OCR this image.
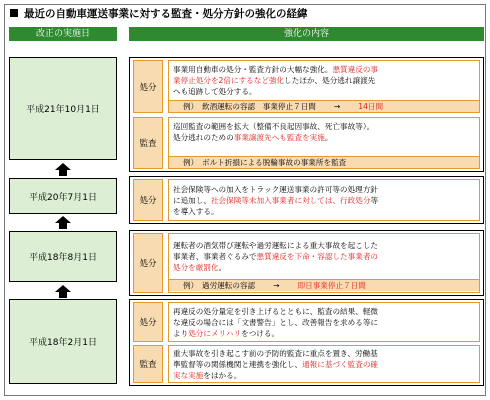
最近の自動車運送事業に対する監査・処分方針の強化の経緯
改正の実施日	強化の内容
平成21年10月1日
処分
事業用自動車の処分・監査方針の大幅な強化。悪質違反の事
業停止処分を2倍にするなど強化したほか、処分逃れ譲渡先
へも追跡して処分する。
例）　飲酒運転の容認　事業停止７日間 → 14日間
監査
巡回監査の範囲を拡大（整備不良起因事故、死亡事故等）。
処分逃れのための事業譲渡先へも監査を実施。
例）　ボルト折損による脱輪事故の事業所を監査
平成20年7月1日	処分
社会保険等への加入をトラック運送事業の許可等の処理方針
に追加し、社会保険等未加入事業者に対しては、行政処分等
を導入する。
平成18年8月1日
処分
運転者の酒気帯び運転や過労運転による重大事故を起こした
事業者、事業者ぐるみで悪質違反を下命・容認した事業者の
処分を厳罰化。
例）　過労運転の容認 → 即日事業停止７日間
平成18年2月1日
処分
再違反の処分量定を引き上げるとともに、監査の結果、軽微
な違反の場合には「文書警告」とし、改善報告を求める等に
より処分にメリハリをつける。
監査
重大事故を引き起こす前の予防的監査に重点を置き、労働基
準監督等の関係機関と連携を強化し、通報に基づく監査の確
実な実施をはかる。
